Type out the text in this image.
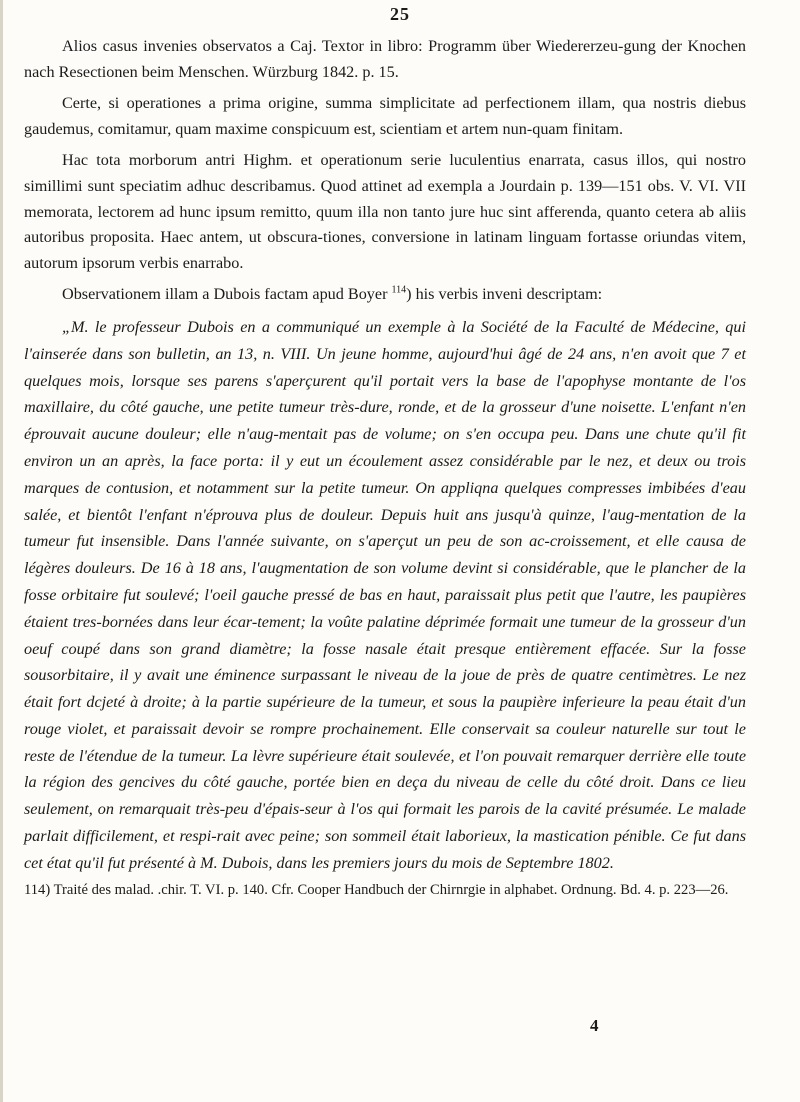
25

Alios casus invenies observatos a Caj. Textor in libro: Programm über Wiedererzeu-gung der Knochen nach Resectionen beim Menschen. Würzburg 1842. p. 15.

Certe, si operationes a prima origine, summa simplicitate ad perfectionem illam, qua nostris diebus gaudemus, comitamur, quam maxime conspicuum est, scientiam et artem nun-quam finitam.

Hac tota morborum antri Highm. et operationum serie luculentius enarrata, casus illos, qui nostro simillimi sunt speciatim adhuc describamus. Quod attinet ad exempla a Jourdain p. 139—151 obs. V. VI. VII memorata, lectorem ad hunc ipsum remitto, quum illa non tanto jure huc sint afferenda, quanto cetera ab aliis autoribus proposita. Haec antem, ut obscura-tiones, conversione in latinam linguam fortasse oriundas vitem, autorum ipsorum verbis enarrabo.

Observationem illam a Dubois factam apud Boyer $^{114}$) his verbis inveni descriptam:

„M. le professeur Dubois en a communiqué un exemple à la Société de la Faculté de Médecine, qui l'ainserée dans son bulletin, an 13, n. VIII. Un jeune homme, aujourd'hui âgé de 24 ans, n'en avoit que 7 et quelques mois, lorsque ses parens s'aperçurent qu'il portait vers la base de l'apophyse montante de l'os maxillaire, du côté gauche, une petite tumeur très-dure, ronde, et de la grosseur d'une noisette. L'enfant n'en éprouvait aucune douleur; elle n'aug-mentait pas de volume; on s'en occupa peu. Dans une chute qu'il fit environ un an après, la face porta: il y eut un écoulement assez considérable par le nez, et deux ou trois marques de contusion, et notamment sur la petite tumeur. On appliqna quelques compresses imbibées d'eau salée, et bientôt l'enfant n'éprouva plus de douleur. Depuis huit ans jusqu'à quinze, l'aug-mentation de la tumeur fut insensible. Dans l'année suivante, on s'aperçut un peu de son ac-croissement, et elle causa de légères douleurs. De 16 à 18 ans, l'augmentation de son volume devint si considérable, que le plancher de la fosse orbitaire fut soulevé; l'oeil gauche pressé de bas en haut, paraissait plus petit que l'autre, les paupières étaient tres-bornées dans leur écar-tement; la voûte palatine déprimée formait une tumeur de la grosseur d'un oeuf coupé dans son grand diamètre; la fosse nasale était presque entièrement effacée. Sur la fosse sousorbitaire, il y avait une éminence surpassant le niveau de la joue de près de quatre centimètres. Le nez était fort dcjeté à droite; à la partie supérieure de la tumeur, et sous la paupière inferieure la peau était d'un rouge violet, et paraissait devoir se rompre prochainement. Elle conservait sa couleur naturelle sur tout le reste de l'étendue de la tumeur. La lèvre supérieure était soulevée, et l'on pouvait remarquer derrière elle toute la région des gencives du côté gauche, portée bien en deça du niveau de celle du côté droit. Dans ce lieu seulement, on remarquait très-peu d'épais-seur à l'os qui formait les parois de la cavité présumée. Le malade parlait difficilement, et respi-rait avec peine; son sommeil était laborieux, la mastication pénible. Ce fut dans cet état qu'il fut présenté à M. Dubois, dans les premiers jours du mois de Septembre 1802.

114) Traité des malad. .chir. T. VI. p. 140. Cfr. Cooper Handbuch der Chirnrgie in alphabet. Ordnung. Bd. 4. p. 223—26.

4
